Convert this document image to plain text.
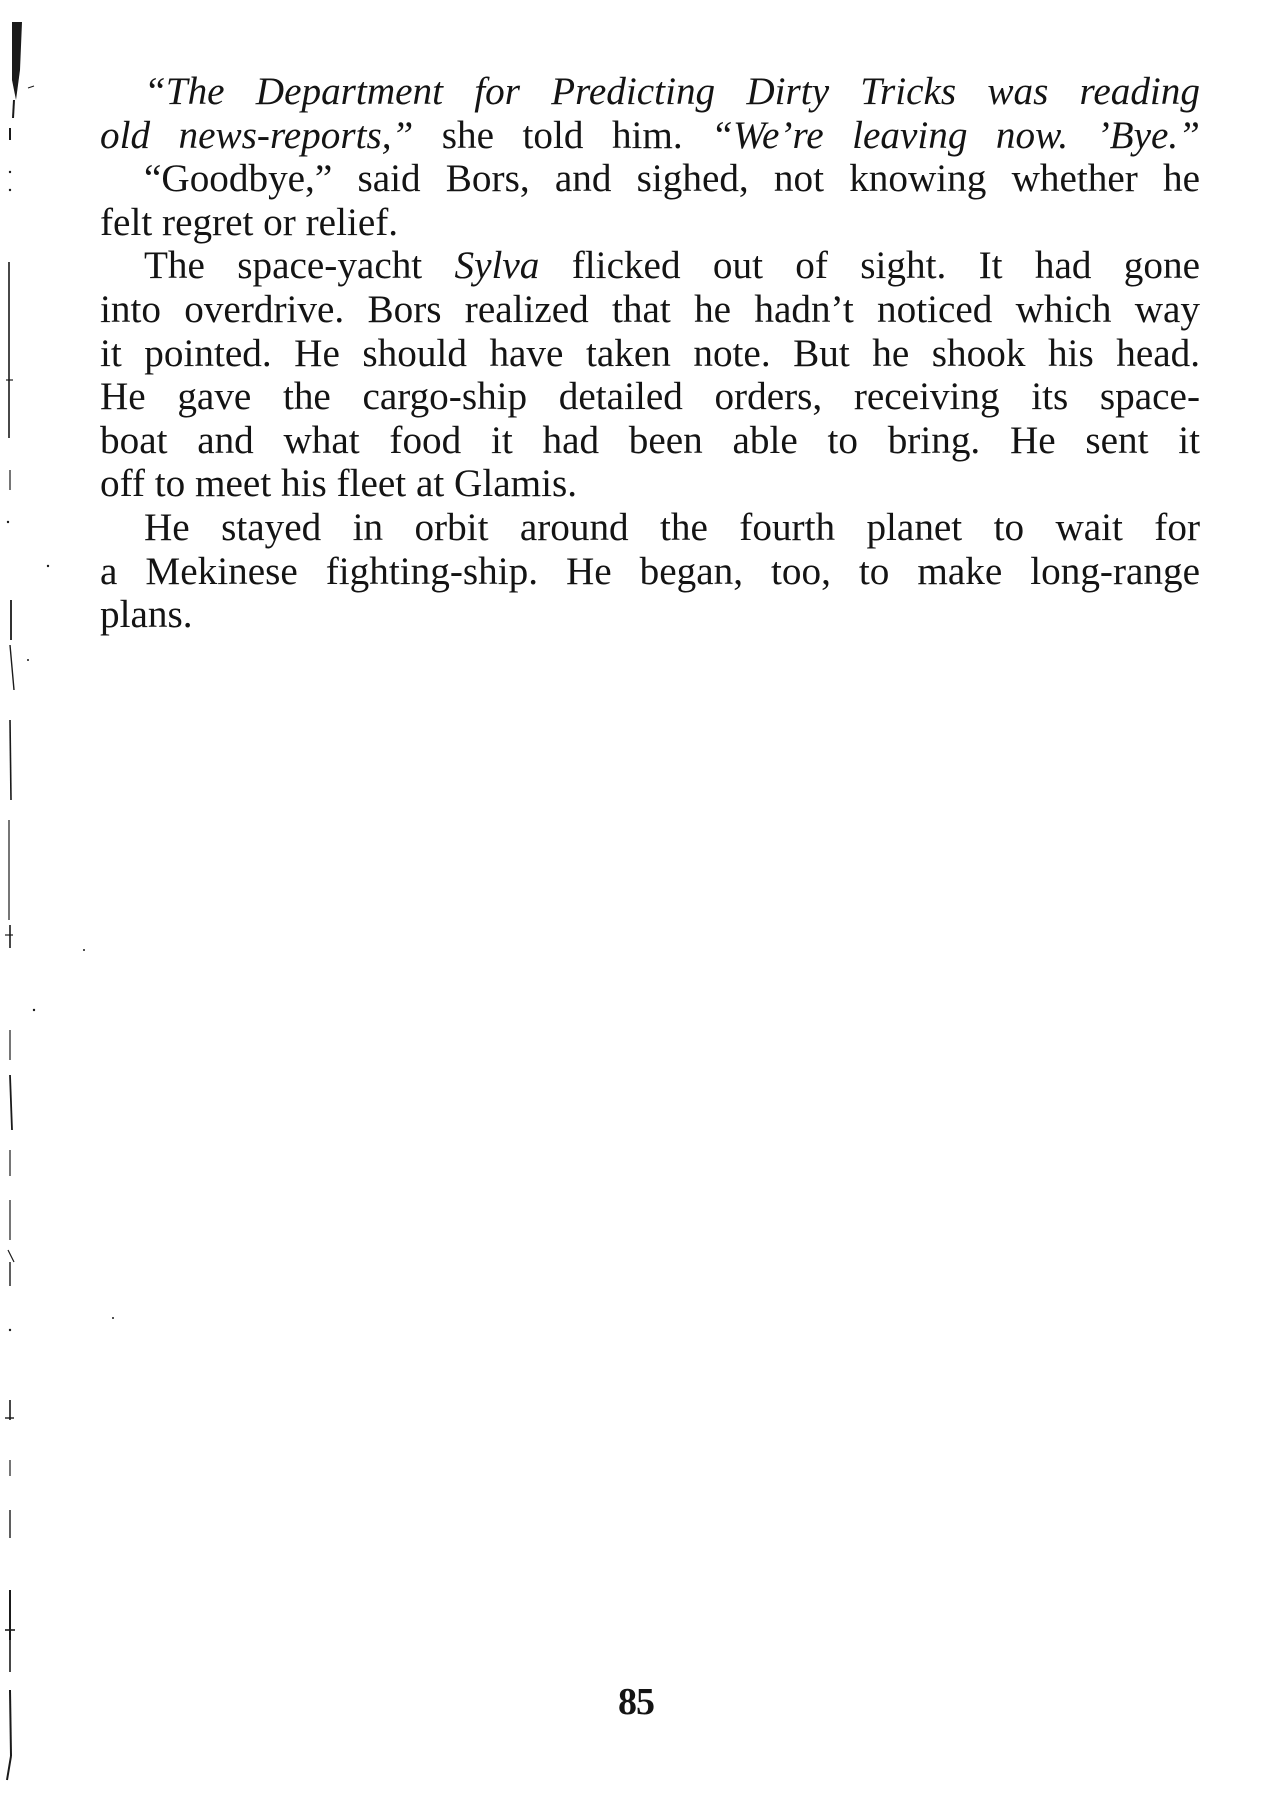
“The Department for Predicting Dirty Tricks was reading
old news-reports,” she told him. “We’re leaving now. ’Bye.”
“Goodbye,” said Bors, and sighed, not knowing whether he
felt regret or relief.
The space-yacht Sylva flicked out of sight. It had gone
into overdrive. Bors realized that he hadn’t noticed which way
it pointed. He should have taken note. But he shook his head.
He gave the cargo-ship detailed orders, receiving its space-
boat and what food it had been able to bring. He sent it
off to meet his fleet at Glamis.
He stayed in orbit around the fourth planet to wait for
a Mekinese fighting-ship. He began, too, to make long-range
plans.
85
